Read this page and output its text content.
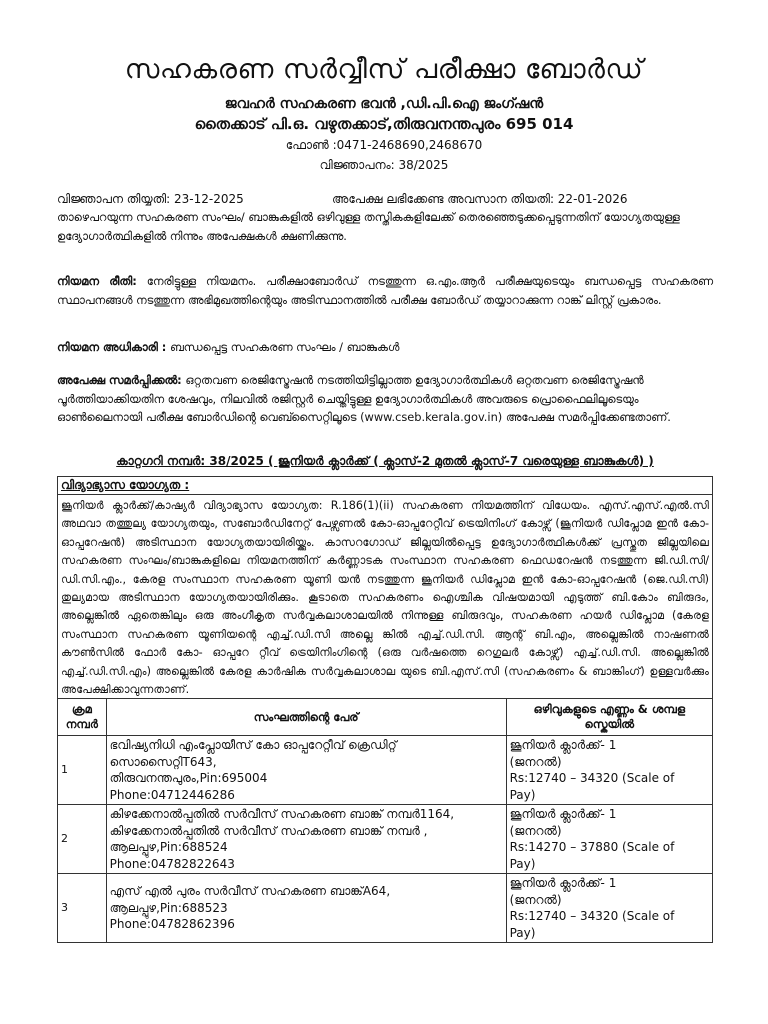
സഹകരണ സർവ്വീസ് പരീക്ഷാ ബോർഡ്
ജവഹർ സഹകരണ ഭവൻ ,ഡി.പി.ഐ ജംഗ്ഷൻ
തൈക്കാട് പി.ഒ. വഴുതക്കാട്,തിരുവനന്തപുരം 695 014
ഫോൺ :0471-2468690,2468670
വിജ്ഞാപനം: 38/2025
വിജ്ഞാപന തിയ്യതി: 23-12-2025	അപേക്ഷ ലഭിക്കേണ്ട അവസാന തിയതി: 22-01-2026
താഴെപറയുന്ന സഹകരണ സംഘം/ ബാങ്കുകളിൽ ഒഴിവുള്ള തസ്തികകളിലേക്ക് തെരഞ്ഞെടുക്കപ്പെടുന്നതിന് യോഗ്യതയുള്ള ഉദ്യോഗാർത്ഥികളിൽ നിന്നും അപേക്ഷകൾ ക്ഷണിക്കുന്നു.
നിയമന രീതി: നേരിട്ടുള്ള നിയമനം. പരീക്ഷാബോർഡ് നടത്തുന്ന ഒ.എം.ആർ പരീക്ഷയുടെയും ബന്ധപ്പെട്ട സഹകരണ സ്ഥാപനങ്ങൾ നടത്തുന്ന അഭിമുഖത്തിന്റെയും അടിസ്ഥാനത്തിൽ പരീക്ഷ ബോർഡ് തയ്യാറാക്കുന്ന റാങ്ക് ലിസ്റ്റ് പ്രകാരം.
നിയമന അധികാരി : ബന്ധപ്പെട്ട സഹകരണ സംഘം / ബാങ്കുകൾ
അപേക്ഷ സമർപ്പിക്കൽ: ഒറ്റതവണ രെജിസ്ട്രേഷൻ നടത്തിയിട്ടില്ലാത്ത ഉദ്യോഗാർത്ഥികൾ ഒറ്റതവണ രെജിസ്ട്രേഷൻ പൂർത്തിയാക്കിയതിന ശേഷവും, നിലവിൽ രജിസ്റ്റർ ചെയ്തിട്ടുള്ള ഉദ്യോഗാർത്ഥികൾ അവരുടെ പ്രൊഫൈലിലൂടെയും ഓൺലൈനായി പരീക്ഷ ബോർഡിന്റെ വെബ്സൈറ്റിലൂടെ (www.cseb.kerala.gov.in) അപേക്ഷ സമർപ്പിക്കേണ്ടതാണ്.
കാറ്റഗറി നമ്പർ: 38/2025 ( ജൂനിയർ ക്ലാർക്ക് ( ക്ലാസ്-2 മുതൽ ക്ലാസ്-7 വരെയുള്ള ബാങ്കുകൾ) )
വിദ്യാഭ്യാസ യോഗ്യത :
ജൂനിയർ ക്ലാർക്ക്/കാഷ്യർ വിദ്യാഭ്യാസ യോഗ്യത: R.186(1)(ii) സഹകരണ നിയമത്തിന് വിധേയം. എസ്.എസ്.എൽ.സി അഥവാ തത്തുല്യ യോഗ്യതയും, സബോർഡിനേറ്റ് പേഴ്സണൽ കോ-ഓപ്പറേറ്റീവ് ട്രെയിനിംഗ് കോഴ്സ് (ജൂനിയർ ഡിപ്ലോമ ഇൻ കോ-ഓപ്പറേഷൻ) അടിസ്ഥാന യോഗ്യതയായിരിയ്ക്കും. കാസറഗോഡ് ജില്ലയിൽപ്പെട്ട ഉദ്യോഗാർത്ഥികൾക്ക് പ്രസ്തുത ജില്ലയിലെ സഹകരണ സംഘം/ബാങ്കുകളിലെ നിയമനത്തിന് കർണ്ണാടക സംസ്ഥാന സഹകരണ ഫെഡറേഷൻ നടത്തുന്ന ജി.ഡി.സി/ഡി.സി.എം., കേരള സംസ്ഥാന സഹകരണ യൂണി യൻ നടത്തുന്ന ജൂനിയർ ഡിപ്ലോമ ഇൻ കോ-ഓപ്പറേഷൻ (ജെ.ഡി.സി) തുല്യമായ അടിസ്ഥാന യോഗ്യതയായിരിക്കും. കൂടാതെ സഹകരണം ഐശ്ചിക വിഷയമായി എടുത്ത് ബി.കോം ബിരുദം, അല്ലെങ്കിൽ ഏതെങ്കിലും ഒരു അംഗീകൃത സർവ്വകലാശാലയിൽ നിന്നുള്ള ബിരുദവും, സഹകരണ ഹയർ ഡിപ്ലോമ (കേരള സംസ്ഥാന സഹകരണ യൂണിയന്റെ എച്ച്.ഡി.സി അല്ലെ ങ്കിൽ എച്ച്.ഡി.സി. ആന്റ് ബി.എം, അല്ലെങ്കിൽ നാഷണൽ കൗൺസിൽ ഫോർ കോ- ഓപ്പറേ റ്റീവ് ട്രെയിനിംഗിന്റെ (ഒരു വർഷത്തെ റെഗുലർ കോഴ്സ്) എച്ച്.ഡി.സി. അല്ലെങ്കിൽ എച്ച്.ഡി.സി.എം) അല്ലെങ്കിൽ കേരള കാർഷിക സർവ്വകലാശാല യുടെ ബി.എസ്.സി (സഹകരണം & ബാങ്കിംഗ്) ഉള്ളവർക്കും അപേക്ഷിക്കാവുന്നതാണ്.
ക്രമ നമ്പർ	സംഘത്തിന്റെ പേര്	ഒഴിവുകളുടെ എണ്ണം & ശമ്പള സ്കെയിൽ
1	ഭവിഷ്യനിധി എംപ്ലോയീസ് കോ ഓപ്പറേറ്റീവ് ക്രെഡിറ്റ്
സൊസൈറ്റിT643,
തിരുവനന്തപുരം,Pin:695004
Phone:04712446286	ജൂനിയർ ക്ലാർക്ക്- 1
(ജനറൽ)
Rs:12740 – 34320 (Scale of
Pay)

2	കിഴക്കേനാൽപ്പതിൽ സർവീസ് സഹകരണ ബാങ്ക് നമ്പർ1164,
കിഴക്കേനാൽപ്പതിൽ സർവീസ് സഹകരണ ബാങ്ക് നമ്പർ ,
ആലപ്പുഴ,Pin:688524
Phone:04782822643	ജൂനിയർ ക്ലാർക്ക്- 1
(ജനറൽ)
Rs:14270 – 37880 (Scale of
Pay)

3	എസ് എൽ പുരം സർവീസ് സഹകരണ ബാങ്ക്A64,
ആലപ്പുഴ,Pin:688523
Phone:04782862396	ജൂനിയർ ക്ലാർക്ക്- 1
(ജനറൽ)
Rs:12740 – 34320 (Scale of
Pay)
